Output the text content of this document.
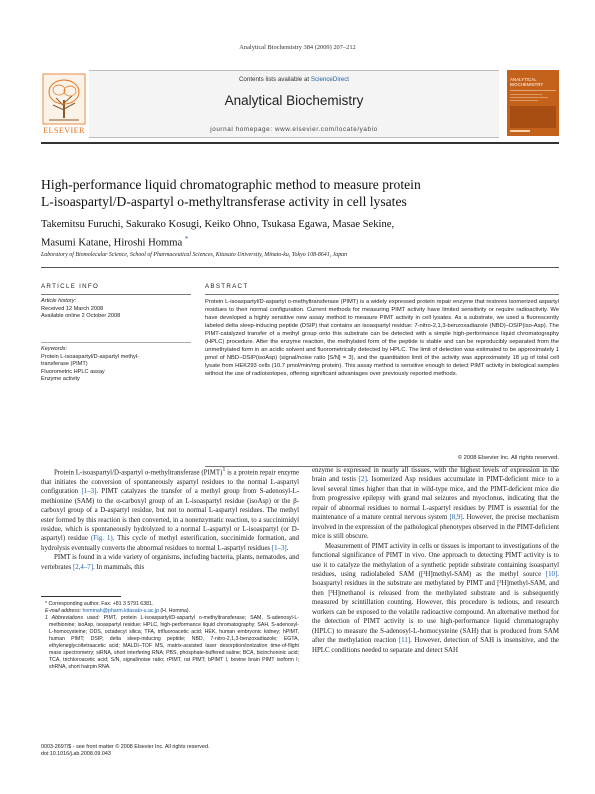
Analytical Biochemistry 384 (2009) 207–212
ELSEVIER
Contents lists available at ScienceDirect
Analytical Biochemistry
journal homepage: www.elsevier.com/locate/yabio
ANALYTICAL BIOCHEMISTRY
High-performance liquid chromatographic method to measure protein
L-isoaspartyl/D-aspartyl o-methyltransferase activity in cell lysates
Takemitsu Furuchi, Sakurako Kosugi, Keiko Ohno, Tsukasa Egawa, Masae Sekine,
Masumi Katane, Hiroshi Homma *
Laboratory of Biomolecular Science, School of Pharmaceutical Sciences, Kitasato University, Minato-ku, Tokyo 108-8641, Japan
ARTICLE INFO	ABSTRACT
Article history:
Received 12 March 2008
Available online 2 October 2008
Keywords:
Protein L-isoaspartyl/D-aspartyl methyl-
transferase (PIMT)
Fluorometric HPLC assay
Enzyme activity
Protein L-isoaspartyl/D-aspartyl o-methyltransferase (PIMT) is a widely expressed protein repair enzyme that restores isomerized aspartyl residues to their normal configuration. Current methods for measuring PIMT activity have limited sensitivity or require radioactivity. We have developed a highly sensitive new assay method to measure PIMT activity in cell lysates. As a substrate, we used a fluorescently labeled delta sleep-inducing peptide (DSIP) that contains an isoaspartyl residue: 7-nitro-2,1,3-benzoxadiazole (NBD)–DSIP(iso-Asp). The PIMT-catalyzed transfer of a methyl group onto this substrate can be detected with a simple high-performance liquid chromatography (HPLC) procedure. After the enzyme reaction, the methylated form of the peptide is stable and can be reproducibly separated from the unmethylated form in an acidic solvent and fluorometrically detected by HPLC. The limit of detection was estimated to be approximately 1 pmol of NBD–DSIP(isoAsp) (signal/noise ratio [S/N] = 3), and the quantitation limit of the activity was approximately 18 μg of total cell lysate from HEK293 cells (10.7 pmol/min/mg protein). This assay method is sensitive enough to detect PIMT activity in biological samples without the use of radioisotopes, offering significant advantages over previously reported methods.
© 2008 Elsevier Inc. All rights reserved.

Protein L-isoaspartyl/D-aspartyl o-methyltransferase (PIMT)$^1$ is a protein repair enzyme that initiates the conversion of spontaneously aspartyl residues to the normal L-aspartyl configuration [1–3]. PIMT catalyzes the transfer of a methyl group from S-adenosyl-L-methionine (SAM) to the α-carboxyl group of an L-isoaspartyl residue (isoAsp) or the β-carboxyl group of a D-aspartyl residue, but not to normal L-aspartyl residues. The methyl ester formed by this reaction is then converted, in a nonenzymatic reaction, to a succinimidyl residue, which is spontaneously hydrolyzed to a normal L-aspartyl or L-isoaspartyl (or D-aspartyl) residue (Fig. 1). This cycle of methyl esterification, succinimide formation, and hydrolysis eventually converts the abnormal residues to normal L-aspartyl residues [1–3].

PIMT is found in a wide variety of organisms, including bacteria, plants, nematodes, and vertebrates [2,4–7]. In mammals, this

enzyme is expressed in nearly all tissues, with the highest levels of expression in the brain and testis [2]. Isomerized Asp residues accumulate in PIMT-deficient mice to a level several times higher than that in wild-type mice, and the PIMT-deficient mice die from progressive epilepsy with grand mal seizures and myoclonus, indicating that the repair of abnormal residues to normal L-aspartyl residues by PIMT is essential for the maintenance of a mature central nervous system [8,9]. However, the precise mechanism involved in the expression of the pathological phenotypes observed in the PIMT-deficient mice is still obscure.

Measurement of PIMT activity in cells or tissues is important to investigations of the functional significance of PIMT in vivo. One approach to detecting PIMT activity is to use it to catalyze the methylation of a synthetic peptide substrate containing isoaspartyl residues, using radiolabeled SAM ([³H]methyl-SAM) as the methyl source [10]. Isoaspartyl residues in the substrate are methylated by PIMT and [³H]methyl-SAM, and then [³H]methanol is released from the methylated substrate and is subsequently measured by scintillation counting. However, this procedure is tedious, and research workers can be exposed to the volatile radioactive compound. An alternative method for the detection of PIMT activity is to use high-performance liquid chromatography (HPLC) to measure the S-adenosyl-L-homocysteine (SAH) that is produced from SAM after the methylation reaction [11]. However, detection of SAH is insensitive, and the HPLC conditions needed to separate and detect SAH

* Corresponding author. Fax: +81 3 5791 6381.

E-mail address: hommah@pharm.kitasato-u.ac.jp (H. Homma).

1 Abbreviations used: PIMT, protein L-isoaspartyl/D-aspartyl o-methyltransferase; SAM, S-adenosyl-L-methionine; isoAsp, isoaspartyl residue; HPLC, high-performance liquid chromatography; SAH, S-adenosyl-L-homocysteine; ODS, octadecyl silica; TFA, trifluoroacetic acid; HEK, human embryonic kidney; hPIMT, human PIMT; DSIP, delta sleep-inducing peptide; NBD, 7-nitro-2,1,3-benzoxadiazole; EGTA, ethyleneglycoltetraacetic acid; MALDI–TOF MS, matrix-assisted laser desorption/ionization time-of-flight mass spectrometry; siRNA, short interfering RNA; PBS, phosphate-buffered saline; BCA, bicinchoninic acid; TCA, trichloroacetic acid; S/N, signal/noise ratio; rPIMT, rat PIMT; bPIMT I, bovine brain PIMT isoform I; shRNA, short hairpin RNA.

0003-2697/$ - see front matter © 2008 Elsevier Inc. All rights reserved.
doi:10.1016/j.ab.2008.09.043
